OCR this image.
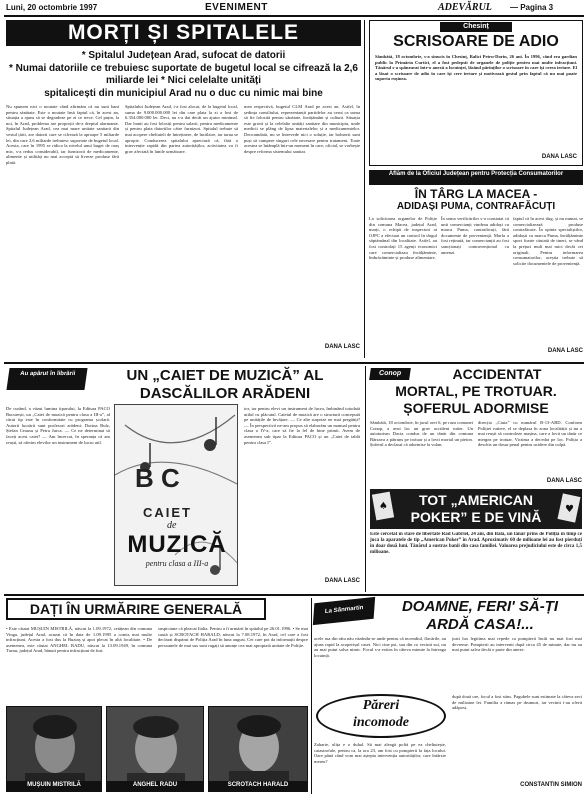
Luni, 20 octombrie 1997	EVENIMENT	ADEVĂRUL — Pagina 3
MORȚI ȘI SPITALELE
* Spitalul Județean Arad, sufocat de datorii
* Numai datoriile ce trebuiesc suportate de bugetul local se cifrează la 2,6 miliarde lei * Nici celelalte unități
spitalicești din municipiul Arad nu o duc cu nimic mai bine
Nu spunem nici o noutate când afirmăm că nu sunt bani pentru sănătate. Este o noutate însă faptul că, în acest an, situația a ajuns să se degradeze pe zi ce trece. Cel puțin, la noi, în Arad, problema are proporții de-a dreptul alarmante. Spitalul Județean Arad, cea mai mare unitate sanitară din vestul țării, are datorii care se cifrează la aproape 5 miliarde lei, din care 2,6 miliarde trebuiesc suportate de bugetul local. Acesta, care în 1995 se ridica la nivelul unui buget de oraș mic, s-a redus considerabil, iar furnizorii de medicamente, alimente și utilități nu mai acceptă să livreze produse fără plată.
Spitalului Județean Arad, i-a fost alocat, de la bugetul local, suma de 9.000.000.000 lei din care plata la zi a fost de 6.354.000.000 lei. Deci, nu s-a dat decât un ajutor minimal. Dar banii au fost folosiți pentru salarii, pentru medicamente și pentru plata datoriilor către furnizori. Spitalul trebuie să mai acopere cheltuieli de întreținere, de încălzire, iar iarna se apropie. Conducerea spitalului apreciază că, fără o intervenție rapidă din partea autorităților, activitatea va fi grav afectată în lunile următoare.
mea respectivă, bugetul CLM Arad pe acest an. Astfel, în ședința consiliului, reprezentanții partidelor au cerut ca suma să fie folosită pentru sănătate, învățământ și cultură. Situația este gravă și la celelalte unități sanitare din municipiu, unde medicii se plâng de lipsa materialelor și a medicamentelor. Deocamdată, nu se întrevede nici o soluție, iar bolnavii sunt puși să cumpere singuri cele necesare pentru tratament. Toate acestea se întâmplă într-un moment în care, oficial, se vorbește despre reforma sistemului sanitar.
DANA LASC
Chesinț
SCRISOARE DE ADIO
Sâmbătă, 18 octombrie, s-a sinucis în Chesinț, Ralici Petru-Dorin, 26 ani. În 1996, când era gardian public la Primăria Curtici, el a fost pedepsit de organele de poliție pentru mai multe infracțiuni. Tânărul s-a spânzurat într-o anexă a locuinței, lăsând părinților o scrisoare în care își cerea iertare. El a lăsat o scrisoare de adio în care își cere iertare și motivează gestul prin faptul că nu mai poate suporta rușinea.
DANA LASC
Aflăm de la Oficiul Județean pentru Protecția Consumatorilor
ÎN TÂRG LA MACEA -
ADIDAȘI PUMA, CONTRAFĂCUȚI
La solicitarea organelor de Poliție din comuna Macea, județul Arad, marți, o echipă de inspectori ai OJPC a efectuat un control în târgul săptămânal din localitate. Astfel, au fost controlați 15 agenți economici care comercializau încălțăminte, îmbrăcăminte și produse alimentare.
În urma verificărilor s-a constatat că unii comercianți vindeau adidași cu marca Puma, contrafăcuți, fără documente de proveniență. Marfa a fost reținută, iar comercianții au fost sancționați contravențional cu amenzi.
faptul că în acest târg, și nu numai, se comercializează produse contrafăcute. În opinia specialiștilor, adidașii cu marca Puma, încălțăminte sport foarte căutată de tineri, se vând la prețuri mult mai mici decât cei originali. Pentru informarea consumatorilor, aceștia trebuie să solicite documentele de proveniență.
DANA LASC
Au apărut în librării	UN „CAIET DE MUZICĂ” AL
DASCĂLILOR ARĂDENI
De curând, a văzut lumina tiparului, la Editura PACO București, un „Caiet de muzică pentru clasa a III-a”, al cărui tip este în conformitate cu programa școlară. Autorii lucrării sunt profesori arădeni: Dorina Bulz, Ștefan Ceausu și Petru Jurca. — Ce ne determinat să faceți acest caiet? — Am încercat, în speranța că am reușit, să oferim elevilor un instrument de lucru util.
B C
CAIET
de
MUZICĂ
pentru clasa a III-a
tor, iar pentru elevi un instrument de lucru, îmbinând totodată utilul cu plăcutul. Caietul de muzică are o structură concepută pe unitățile de învățare. — Ce alte surprize ne mai pregătiți? — În perspectivă ne-am propus să elaborăm un manual pentru clasa a IV-a, care să fie la fel de bine primit. Avem de asemenea sub tipar la Editura PACO și un „Caiet de tablă pentru clasa I”.
DANA LASC
Conop	ACCIDENTAT
MORTAL, PE TROTUAR.
ȘOFERUL ADORMISE
Sâmbătă, 18 octombrie, în jurul orei 6, pe raza comunei Conop, a avut loc un grav accident rutier. Un autoturism Dacia condus de un tânăr din comuna Bârzava a pătruns pe trotuar și a lovit mortal un pieton. Șoferul a declarat că adormise la volan.
direcția „Ciuia” cu numărul B-13-ABD. Conform Poliției rutiere, el se deplasa în zona localității și nu a mai reușit să controleze mașina, care a lovit un tânăr ce mergea pe trotuar. Victima a decedat pe loc. Poliția a deschis un dosar penal pentru ucidere din culpă.
DANA LASC
♠	♥
TOT „AMERICAN
POKER” E DE VINĂ
Este cercetat în stare de libertate Rad Gabriel, 24 ani, din Bala, un tânăr prins de Poliția în timp ce juca la aparatele de tip „American Poker” în Arad. Aproximativ 60 de milioane lei au fost pierduți în doar două luni. Tânărul a sustras banii din casa familiei. Valoarea prejudiciului este de circa 1,5 milioane.
DAȚI ÎN URMĂRIRE GENERALĂ
• Este căutat MUȘUIN MISTRILĂ, născut la 1.09.1972, cetățean din comuna Vinga, județul Arad, acuzat că în data de 1.09.1995 a comis mai multe infracțiuni. Acesta a fost dus la Buziaș și apoi plecat în altă localitate. • De asemenea, este căutat ANGHEL RADU, născut la 13.09.1949, în comuna Turnu, județul Arad, bănuit pentru infracțiuni de furt.
suspiciune că pleacat Italia. Pentru a fi urmărit în spitalul pe 26.01.1996. • Se mai caută și SCROTACH HARALD, născut la 7.08.1972, în Arad, cel care a fost declarat dispărut de Poliția Arad în luna august. Cei care pot da informații despre persoanele de mai sus sunt rugați să anunțe cea mai apropiată unitate de Poliție.
MUȘUIN MISTRILĂ	ANGHEL RADU	SCROTACH HARALD
La Sânmartin	DOAMNE, FERI' SĂ-ȚI
ARDĂ CASA!...
acele rua din rătu nău văzându-se unde pentru că incendiul, flacările, au ajuns rapid la acoperișul casei. Nici cine psi, sau din co vecinii sui, nu au mai putut salva nimic. Focul s-a extins în câteva minute la întreaga locuință.
justi lux legitima mai repede ca pompierii încât nu mai fost mai devreme. Pompierii au intervenit după circa 45 de minute, dar nu au mai putut salva decât o parte din anexe.
Păreri
incomode
Zaharie, ulița e o duhal. Să mai aleagă poftă pe ea cheltuiește, catastrofale, pentru ca, la ora 23, am fost cu pompierii la fața locului. Oare până când vom mai aștepta intervenția autorităților, care întârzie mereu?
după două ore, focul a fost stins. Pagubele sunt estimate la câteva zeci de milioane lei. Familia a rămas pe drumuri, iar vecinii i-au oferit adăpost.
CONSTANTIN SIMION
